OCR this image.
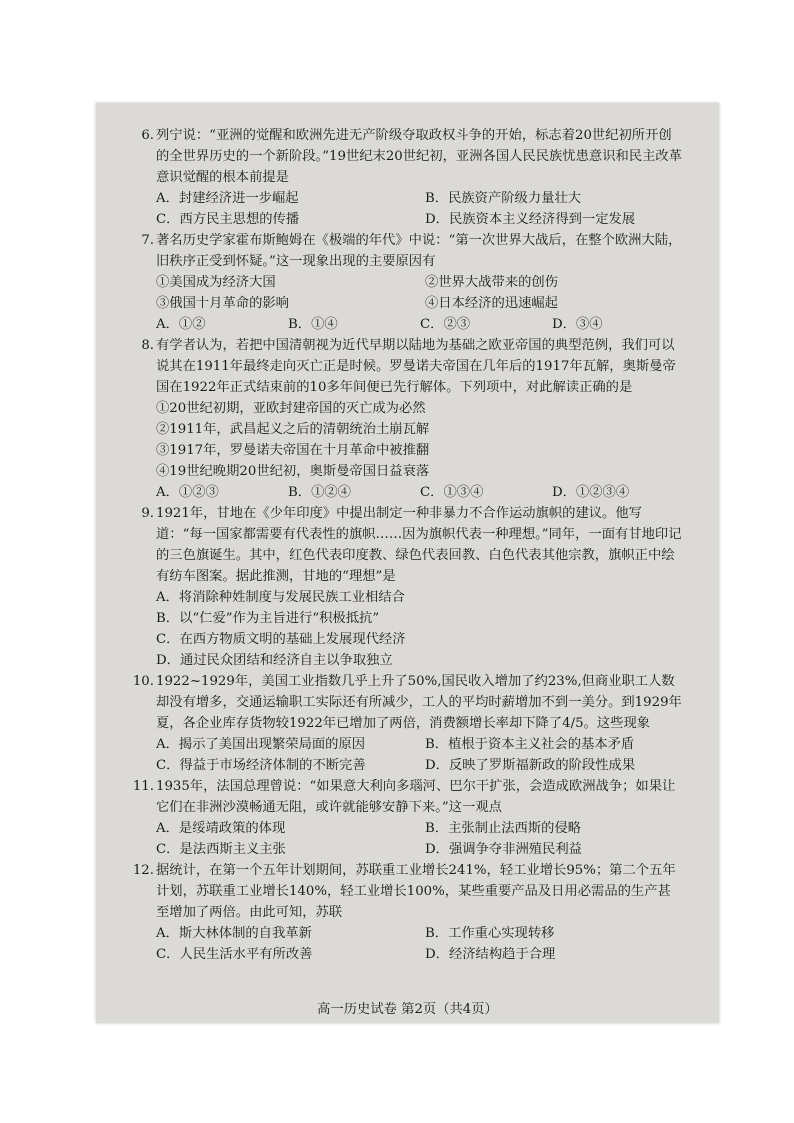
6. 列宁说：“亚洲的觉醒和欧洲先进无产阶级夺取政权斗争的开始，标志着20世纪初所开创的全世界历史的一个新阶段。”19世纪末20世纪初，亚洲各国人民民族忧患意识和民主改革意识觉醒的根本前提是

A．封建经济进一步崛起	B．民族资产阶级力量壮大
C．西方民主思想的传播	D．民族资本主义经济得到一定发展
7. 著名历史学家霍布斯鲍姆在《极端的年代》中说：“第一次世界大战后，在整个欧洲大陆，旧秩序正受到怀疑。”这一现象出现的主要原因有

①美国成为经济大国	②世界大战带来的创伤
③俄国十月革命的影响	④日本经济的迅速崛起
A．①②	B．①④	C．②③	D．③④
8. 有学者认为，若把中国清朝视为近代早期以陆地为基础之欧亚帝国的典型范例，我们可以说其在1911年最终走向灭亡正是时候。罗曼诺夫帝国在几年后的1917年瓦解，奥斯曼帝国在1922年正式结束前的10多年间便已先行解体。下列项中，对此解读正确的是

①20世纪初期，亚欧封建帝国的灭亡成为必然
②1911年，武昌起义之后的清朝统治土崩瓦解
③1917年，罗曼诺夫帝国在十月革命中被推翻
④19世纪晚期20世纪初，奥斯曼帝国日益衰落
A．①②③	B．①②④	C．①③④	D．①②③④
9. 1921年，甘地在《少年印度》中提出制定一种非暴力不合作运动旗帜的建议。他写道：“每一国家都需要有代表性的旗帜……因为旗帜代表一种理想。”同年，一面有甘地印记的三色旗诞生。其中，红色代表印度教、绿色代表回教、白色代表其他宗教，旗帜正中绘有纺车图案。据此推测，甘地的“理想”是

A．将消除种姓制度与发展民族工业相结合
B．以“仁爱”作为主旨进行“积极抵抗”
C．在西方物质文明的基础上发展现代经济
D．通过民众团结和经济自主以争取独立
10. 1922~1929年，美国工业指数几乎上升了50%,国民收入增加了约23%,但商业职工人数却没有增多，交通运输职工实际还有所减少，工人的平均时薪增加不到一美分。到1929年夏，各企业库存货物较1922年已增加了两倍，消费额增长率却下降了4/5。这些现象

A．揭示了美国出现繁荣局面的原因	B．植根于资本主义社会的基本矛盾
C．得益于市场经济体制的不断完善	D．反映了罗斯福新政的阶段性成果
11. 1935年，法国总理曾说：“如果意大利向多瑙河、巴尔干扩张，会造成欧洲战争；如果让它们在非洲沙漠畅通无阻，或许就能够安静下来。”这一观点

A．是绥靖政策的体现	B．主张制止法西斯的侵略
C．是法西斯主义主张	D．强调争夺非洲殖民利益
12. 据统计，在第一个五年计划期间，苏联重工业增长241%，轻工业增长95%；第二个五年计划，苏联重工业增长140%，轻工业增长100%，某些重要产品及日用必需品的生产甚至增加了两倍。由此可知，苏联

A．斯大林体制的自我革新	B．工作重心实现转移
C．人民生活水平有所改善	D．经济结构趋于合理
高一历史试卷 第2页（共4页）
